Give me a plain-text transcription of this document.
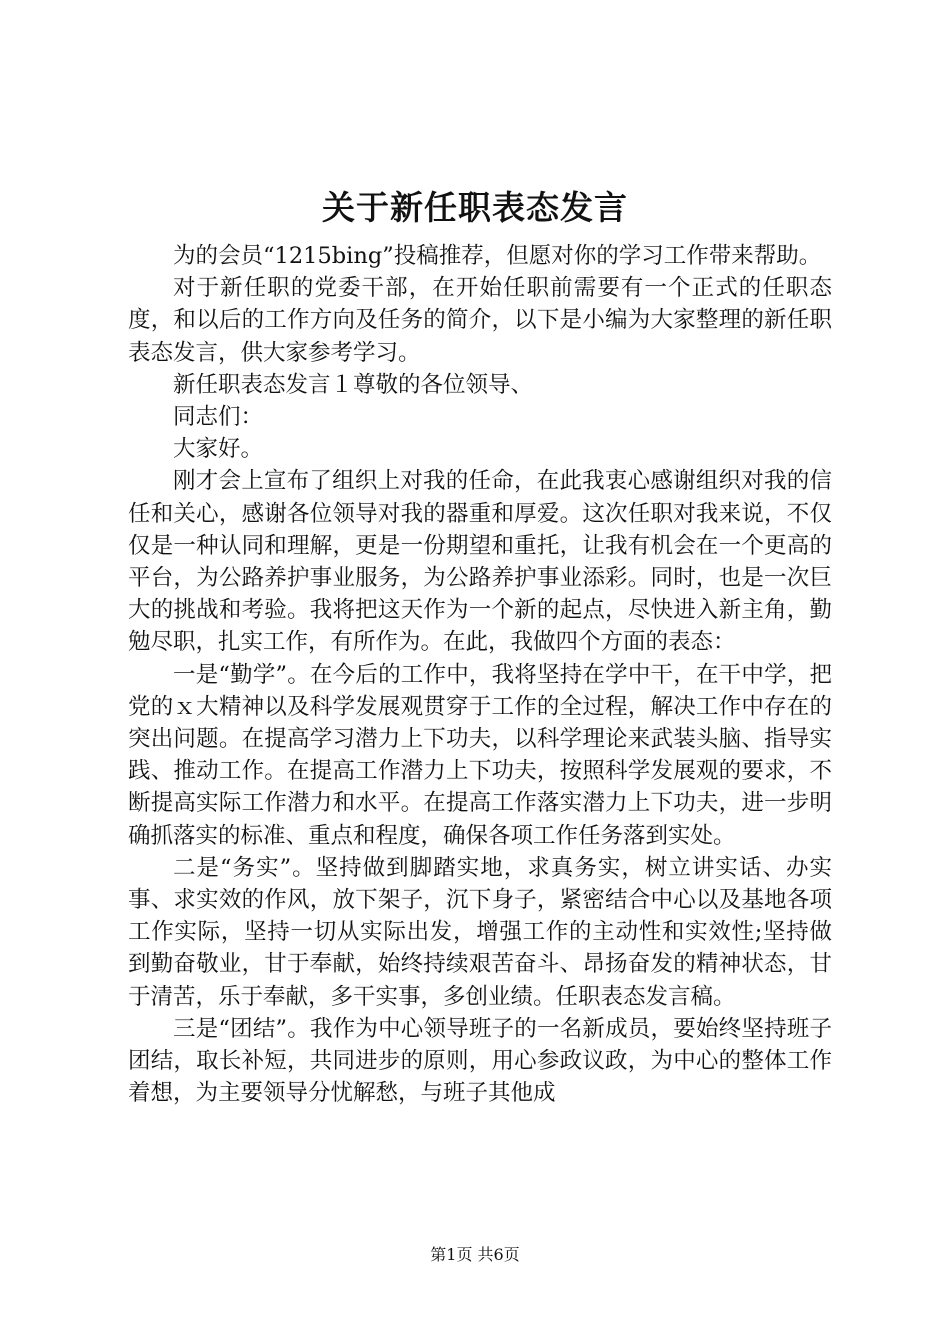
关于新任职表态发言

为的会员“1215bing”投稿推荐，但愿对你的学习工作带来帮助。

对于新任职的党委干部，在开始任职前需要有一个正式的任职态度，和以后的工作方向及任务的简介，以下是小编为大家整理的新任职表态发言，供大家参考学习。

新任职表态发言１尊敬的各位领导、

同志们：

大家好。

刚才会上宣布了组织上对我的任命，在此我衷心感谢组织对我的信任和关心，感谢各位领导对我的器重和厚爱。这次任职对我来说，不仅仅是一种认同和理解，更是一份期望和重托，让我有机会在一个更高的平台，为公路养护事业服务，为公路养护事业添彩。同时，也是一次巨大的挑战和考验。我将把这天作为一个新的起点，尽快进入新主角，勤勉尽职，扎实工作，有所作为。在此，我做四个方面的表态：

一是“勤学”。在今后的工作中，我将坚持在学中干，在干中学，把党的ｘ大精神以及科学发展观贯穿于工作的全过程，解决工作中存在的突出问题。在提高学习潜力上下功夫，以科学理论来武装头脑、指导实践、推动工作。在提高工作潜力上下功夫，按照科学发展观的要求，不断提高实际工作潜力和水平。在提高工作落实潜力上下功夫，进一步明确抓落实的标准、重点和程度，确保各项工作任务落到实处。

二是“务实”。坚持做到脚踏实地，求真务实，树立讲实话、办实事、求实效的作风，放下架子，沉下身子，紧密结合中心以及基地各项工作实际，坚持一切从实际出发，增强工作的主动性和实效性;坚持做到勤奋敬业，甘于奉献，始终持续艰苦奋斗、昂扬奋发的精神状态，甘于清苦，乐于奉献，多干实事，多创业绩。任职表态发言稿。

三是“团结”。我作为中心领导班子的一名新成员，要始终坚持班子团结，取长补短，共同进步的原则，用心参政议政，为中心的整体工作着想，为主要领导分忧解愁，与班子其他成

第1页 共6页
